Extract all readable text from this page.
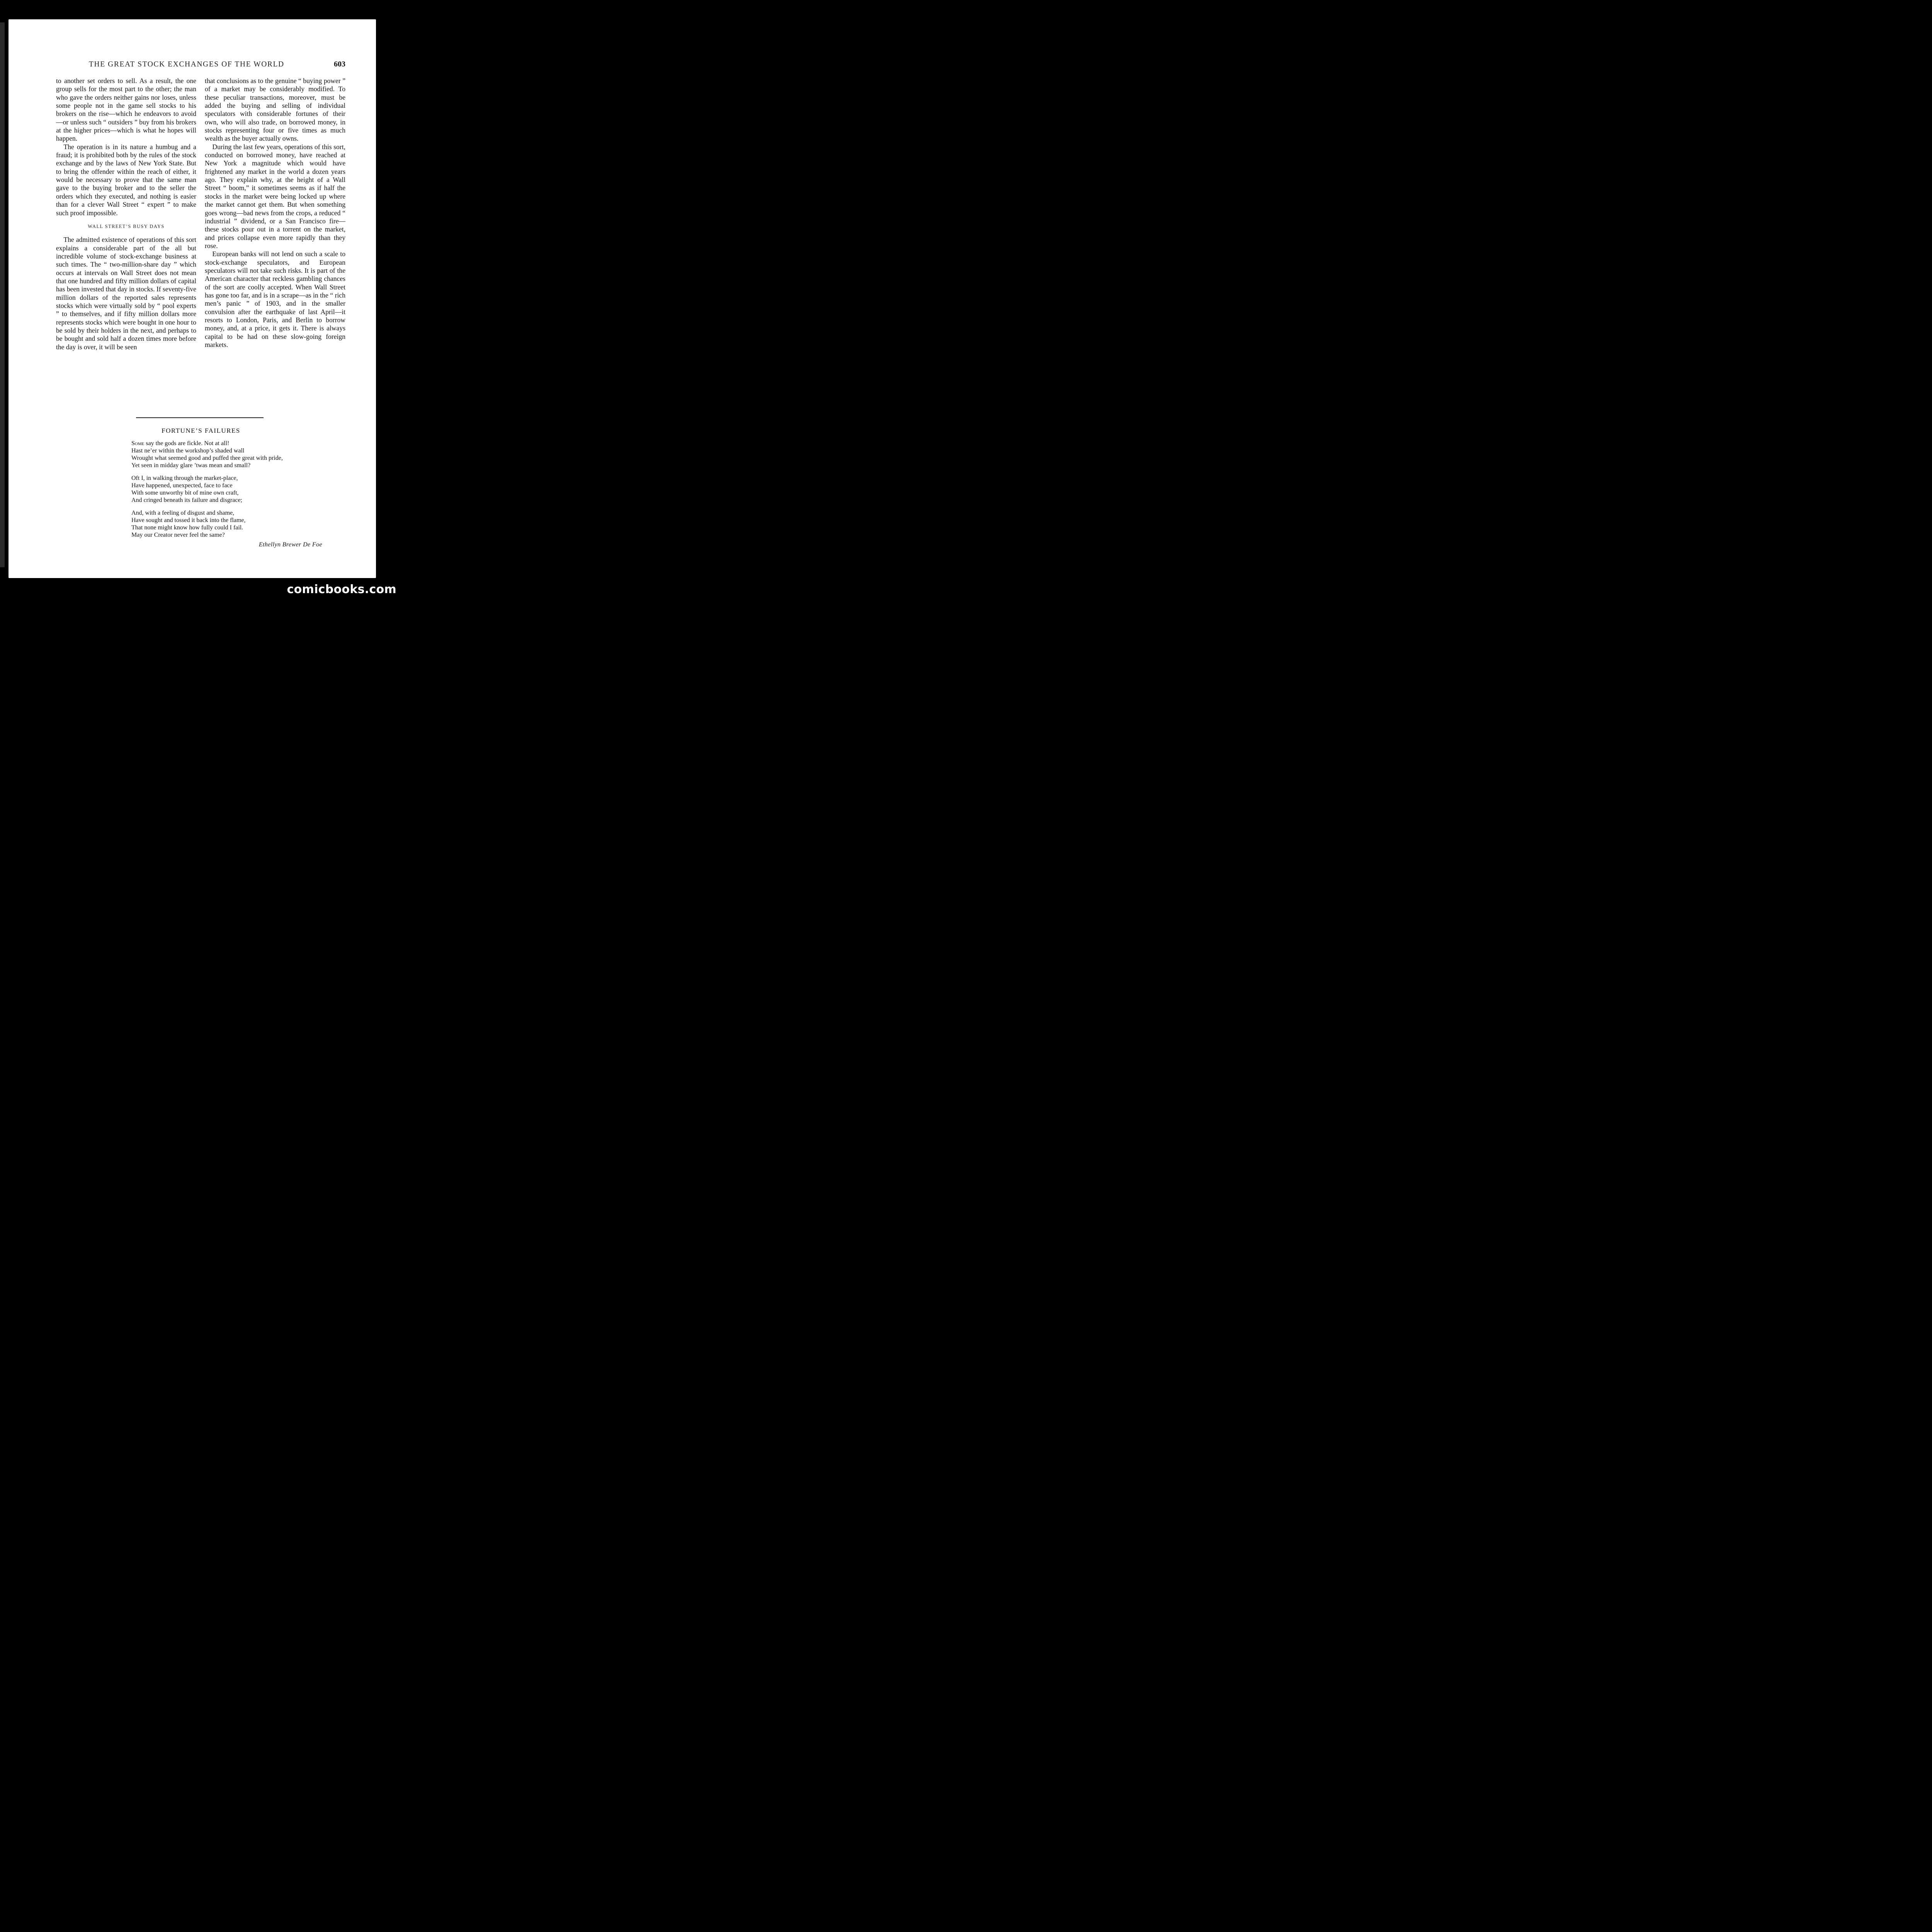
THE GREAT STOCK EXCHANGES OF THE WORLD	603

to another set orders to sell. As a result, the one group sells for the most part to the other; the man who gave the orders neither gains nor loses, unless some people not in the game sell stocks to his brokers on the rise—which he endeavors to avoid—or unless such “ outsiders ” buy from his brokers at the higher prices—which is what he hopes will happen.

The operation is in its nature a humbug and a fraud; it is prohibited both by the rules of the stock exchange and by the laws of New York State. But to bring the offender within the reach of either, it would be necessary to prove that the same man gave to the buying broker and to the seller the orders which they executed, and nothing is easier than for a clever Wall Street “ expert ” to make such proof impossible.

WALL STREET’S BUSY DAYS

The admitted existence of operations of this sort explains a considerable part of the all but incredible volume of stock-exchange business at such times. The “ two-million-share day ” which occurs at intervals on Wall Street does not mean that one hundred and fifty million dollars of capital has been invested that day in stocks. If seventy-five million dollars of the reported sales represents stocks which were virtually sold by “ pool experts ” to themselves, and if fifty million dollars more represents stocks which were bought in one hour to be sold by their holders in the next, and perhaps to be bought and sold half a dozen times more before the day is over, it will be seen

that conclusions as to the genuine “ buying power ” of a market may be considerably modified. To these peculiar transactions, moreover, must be added the buying and selling of individual speculators with considerable fortunes of their own, who will also trade, on borrowed money, in stocks representing four or five times as much wealth as the buyer actually owns.

During the last few years, operations of this sort, conducted on borrowed money, have reached at New York a magnitude which would have frightened any market in the world a dozen years ago. They explain why, at the height of a Wall Street “ boom,” it sometimes seems as if half the stocks in the market were being locked up where the market cannot get them. But when something goes wrong—bad news from the crops, a reduced “ industrial ” dividend, or a San Francisco fire—these stocks pour out in a torrent on the market, and prices collapse even more rapidly than they rose.

European banks will not lend on such a scale to stock-exchange speculators, and European speculators will not take such risks. It is part of the American character that reckless gambling chances of the sort are coolly accepted. When Wall Street has gone too far, and is in a scrape—as in the “ rich men’s panic ” of 1903, and in the smaller convulsion after the earthquake of last April—it resorts to London, Paris, and Berlin to borrow money, and, at a price, it gets it. There is always capital to be had on these slow-going foreign markets.

FORTUNE’S FAILURES
Some say the gods are fickle. Not at all!
Hast ne’er within the workshop’s shaded wall
Wrought what seemed good and puffed thee great with pride,
Yet seen in midday glare ’twas mean and small?
Oft I, in walking through the market-place,
Have happened, unexpected, face to face
With some unworthy bit of mine own craft,
And cringed beneath its failure and disgrace;
And, with a feeling of disgust and shame,
Have sought and tossed it back into the flame,
That none might know how fully could I fail.
May our Creator never feel the same?
Ethellyn Brewer De Foe
comicbooks.com
